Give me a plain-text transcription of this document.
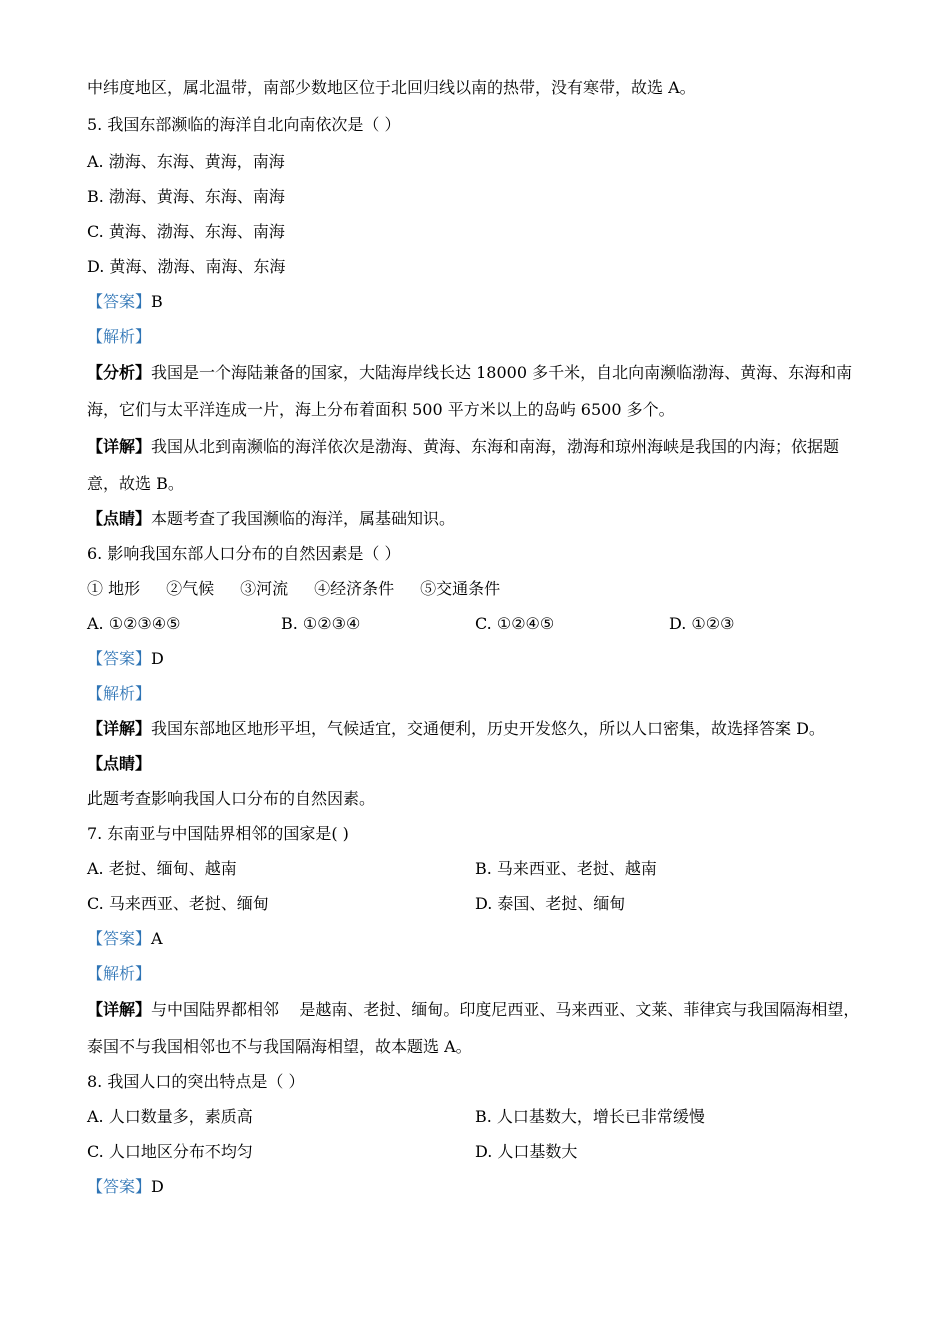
中纬度地区，属北温带，南部少数地区位于北回归线以南的热带，没有寒带，故选 A。

5. 我国东部濒临的海洋自北向南依次是（ ）

A. 渤海、东海、黄海，南海

B. 渤海、黄海、东海、南海

C. 黄海、渤海、东海、南海

D. 黄海、渤海、南海、东海

【答案】B

【解析】

【分析】我国是一个海陆兼备的国家，大陆海岸线长达 18000 多千米，自北向南濒临渤海、黄海、东海和南海，它们与太平洋连成一片，海上分布着面积 500 平方米以上的岛屿 6500 多个。

【详解】我国从北到南濒临的海洋依次是渤海、黄海、东海和南海，渤海和琼州海峡是我国的内海；依据题意，故选 B。

【点睛】本题考查了我国濒临的海洋，属基础知识。

6. 影响我国东部人口分布的自然因素是（ ）

① 地形 ②气候 ③河流 ④经济条件 ⑤交通条件

A. ①②③④⑤	B. ①②③④	C. ①②④⑤	D. ①②③

【答案】D

【解析】

【详解】我国东部地区地形平坦，气候适宜，交通便利，历史开发悠久，所以人口密集，故选择答案 D。

【点睛】

此题考查影响我国人口分布的自然因素。

7. 东南亚与中国陆界相邻的国家是( )

A. 老挝、缅甸、越南	B. 马来西亚、老挝、越南
C. 马来西亚、老挝、缅甸	D. 泰国、老挝、缅甸

【答案】A

【解析】

【详解】与中国陆界都相邻    是越南、老挝、缅甸。印度尼西亚、马来西亚、文莱、菲律宾与我国隔海相望，泰国不与我国相邻也不与我国隔海相望，故本题选 A。

8. 我国人口的突出特点是（ ）

A. 人口数量多，素质高	B. 人口基数大，增长已非常缓慢
C. 人口地区分布不均匀	D. 人口基数大

【答案】D
